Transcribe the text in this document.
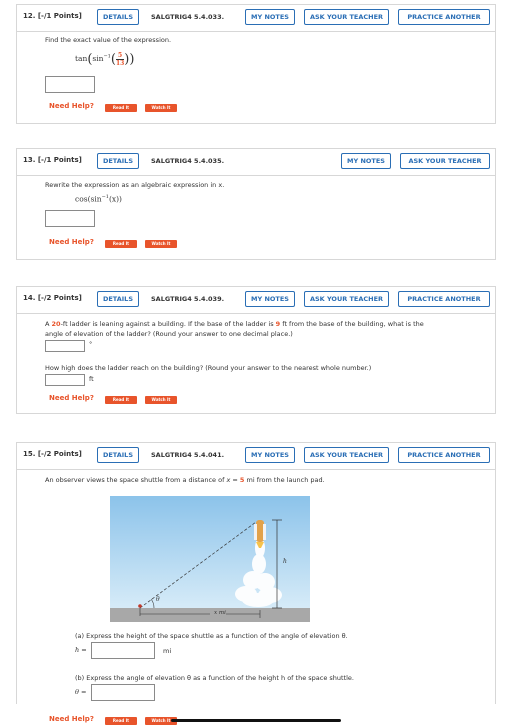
12. [-/1 Points]	DETAILS	SALGTRIG4 5.4.033.	MY NOTES	ASK YOUR TEACHER	PRACTICE ANOTHER
Find the exact value of the expression.
$\tan(\sin^{-1}( \frac{5}{13}$ ))
Need Help?	Read It	Watch It
13. [-/1 Points]	DETAILS	SALGTRIG4 5.4.035.	MY NOTES	ASK YOUR TEACHER
Rewrite the expression as an algebraic expression in x.
$\cos(\sin^{-1}(x))$
Need Help?	Read It	Watch It
14. [-/2 Points]	DETAILS	SALGTRIG4 5.4.039.	MY NOTES	ASK YOUR TEACHER	PRACTICE ANOTHER
A 20-ft ladder is leaning against a building. If the base of the ladder is 9 ft from the base of the building, what is the
angle of elevation of the ladder? (Round your answer to one decimal place.)
°
How high does the ladder reach on the building? (Round your answer to the nearest whole number.)
ft
Need Help?	Read It	Watch It
15. [-/2 Points]	DETAILS	SALGTRIG4 5.4.041.	MY NOTES	ASK YOUR TEACHER	PRACTICE ANOTHER
An observer views the space shuttle from a distance of x = 5 mi from the launch pad.
θ
h
x mi
(a) Express the height of the space shuttle as a function of the angle of elevation θ.
h =	mi
(b) Express the angle of elevation θ as a function of the height h of the space shuttle.
θ =
Need Help?	Read It	Watch It
